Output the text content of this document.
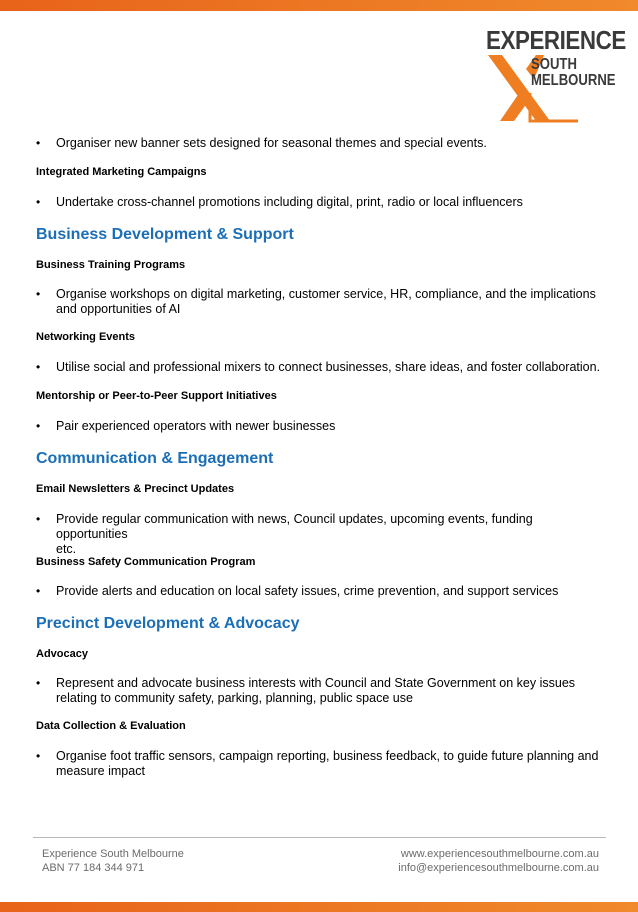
EXPERIENCE
SOUTH
MELBOURNE
•	Organiser new banner sets designed for seasonal themes and special events.
Integrated Marketing Campaigns
•	Undertake cross-channel promotions including digital, print, radio or local influencers
Business Development & Support
Business Training Programs
•	Organise workshops on digital marketing, customer service, HR, compliance, and the implications
and opportunities of AI
Networking Events
•	Utilise social and professional mixers to connect businesses, share ideas, and foster collaboration.
Mentorship or Peer-to-Peer Support Initiatives
•	Pair experienced operators with newer businesses
Communication & Engagement
Email Newsletters & Precinct Updates
•	Provide regular communication with news, Council updates, upcoming events, funding opportunities
etc.
Business Safety Communication Program
•	Provide alerts and education on local safety issues, crime prevention, and support services
Precinct Development & Advocacy
Advocacy
•	Represent and advocate business interests with Council and State Government on key issues
relating to community safety, parking, planning, public space use
Data Collection & Evaluation
•	Organise foot traffic sensors, campaign reporting, business feedback, to guide future planning and
measure impact
Experience South Melbourne
ABN 77 184 344 971
www.experiencesouthmelbourne.com.au
info@experiencesouthmelbourne.com.au
